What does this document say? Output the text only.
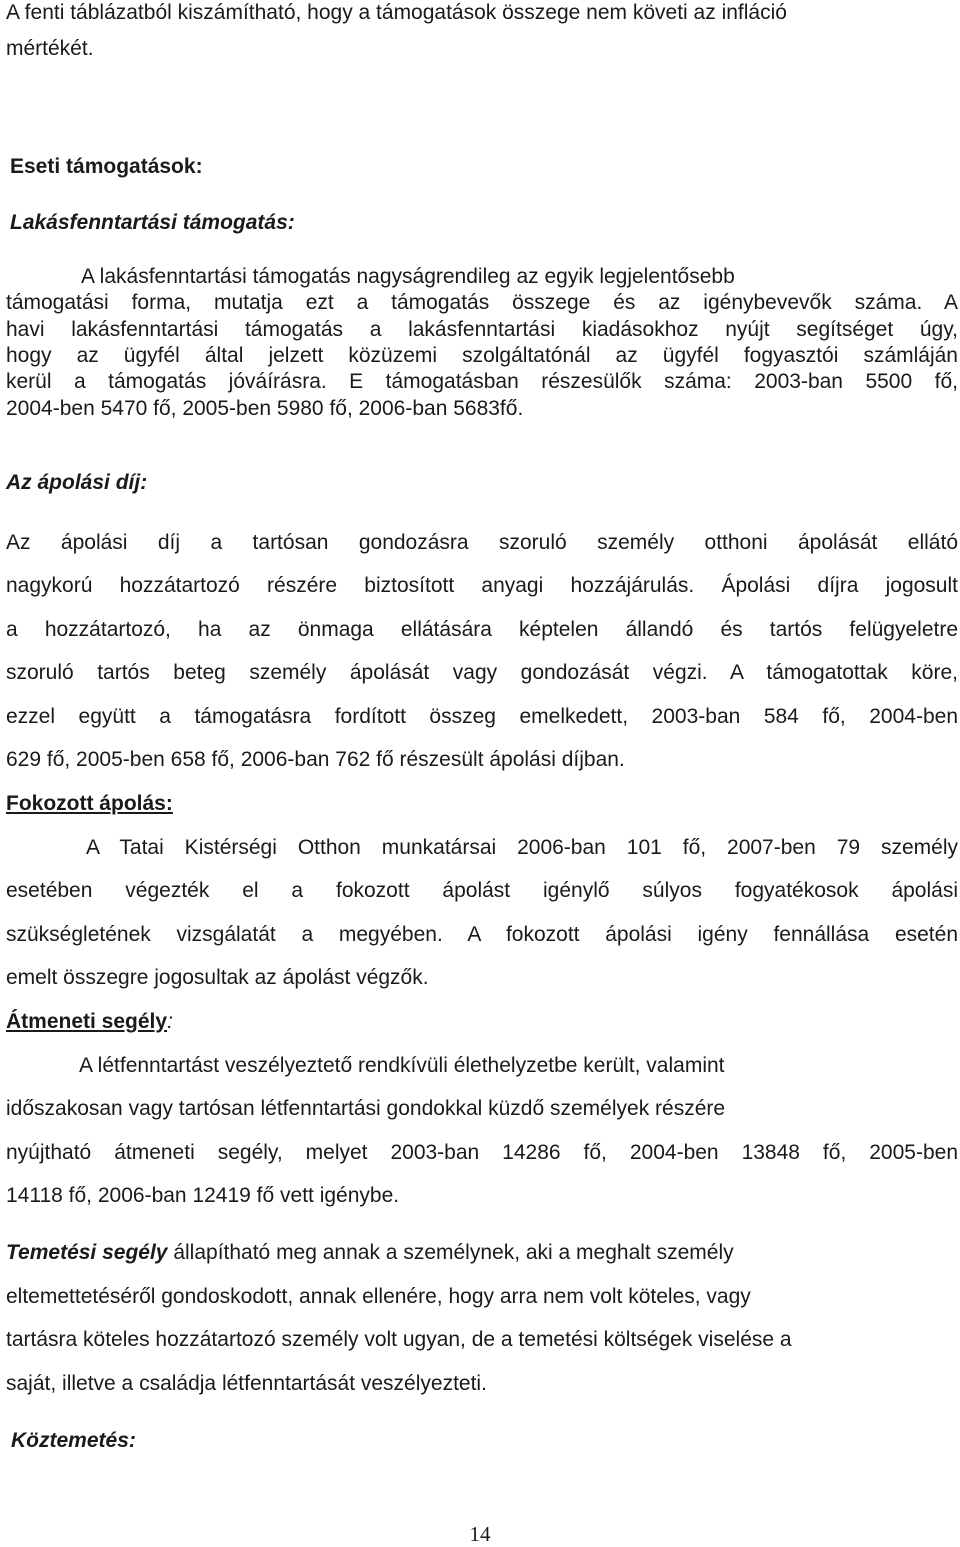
A fenti táblázatból kiszámítható, hogy a támogatások összege nem követi az infláció
mértékét.
Eseti támogatások:
Lakásfenntartási támogatás:
A lakásfenntartási támogatás nagyságrendileg az egyik legjelentősebb
támogatási forma, mutatja ezt a támogatás összege és az igénybevevők száma. A
havi lakásfenntartási támogatás a lakásfenntartási kiadásokhoz nyújt segítséget úgy,
hogy az ügyfél által jelzett közüzemi szolgáltatónál az ügyfél fogyasztói számláján
kerül a támogatás jóváírásra. E támogatásban részesülők száma: 2003-ban 5500 fő,
2004-ben 5470 fő, 2005-ben 5980 fő, 2006-ban 5683fő.
Az ápolási díj:
Az ápolási díj a tartósan gondozásra szoruló személy otthoni ápolását ellátó
nagykorú hozzátartozó részére biztosított anyagi hozzájárulás. Ápolási díjra jogosult
a hozzátartozó, ha az önmaga ellátására képtelen állandó és tartós felügyeletre
szoruló tartós beteg személy ápolását vagy gondozását végzi. A támogatottak köre,
ezzel együtt a támogatásra fordított összeg emelkedett, 2003-ban 584 fő, 2004-ben
629 fő, 2005-ben 658 fő, 2006-ban 762 fő részesült ápolási díjban.
Fokozott ápolás:
A Tatai Kistérségi Otthon munkatársai 2006-ban 101 fő, 2007-ben 79 személy
esetében végezték el a fokozott ápolást igénylő súlyos fogyatékosok ápolási
szükségletének vizsgálatát a megyében. A fokozott ápolási igény fennállása esetén
emelt összegre jogosultak az ápolást végzők.
Átmeneti segély:
A létfenntartást veszélyeztető rendkívüli élethelyzetbe került, valamint
időszakosan vagy tartósan létfenntartási gondokkal küzdő személyek részére
nyújtható átmeneti segély, melyet 2003-ban 14286 fő, 2004-ben 13848 fő, 2005-ben
14118 fő, 2006-ban 12419 fő vett igénybe.
Temetési segély állapítható meg annak a személynek, aki a meghalt személy
eltemettetéséről gondoskodott, annak ellenére, hogy arra nem volt köteles, vagy
tartásra köteles hozzátartozó személy volt ugyan, de a temetési költségek viselése a
saját, illetve a családja létfenntartását veszélyezteti.
Köztemetés:
14
